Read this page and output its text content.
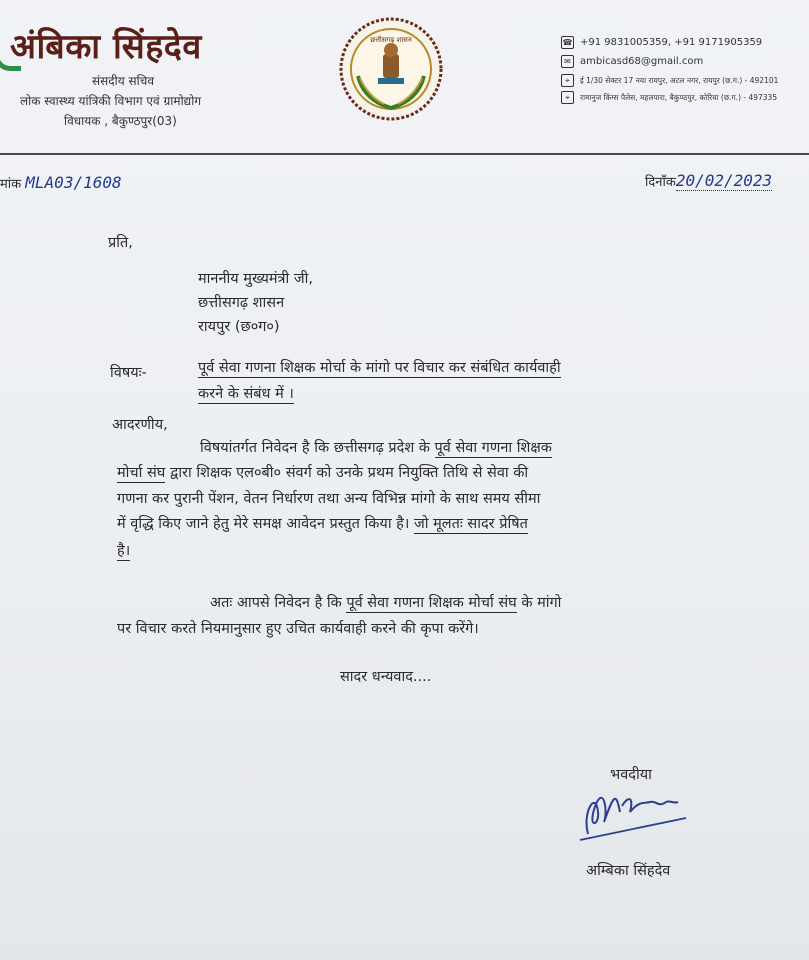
अंबिका सिंहदेव
संसदीय सचिव
लोक स्वास्थ्य यांत्रिकी विभाग एवं ग्रामोद्योग
विधायक , बैकुण्ठपुर(03)
छत्तीसगढ़ शासन	☎ +91 9831005359, +91 9171905359
✉ ambicasd68@gmail.com
⌖	ई 1/30 सेक्टर 17 नया रायपुर, अटल नगर, रायपुर (छ.ग.) - 492101
⌖	रामानुज किंग्स पैलेस, महलपारा, बैकुण्ठपुर, कोरिया (छ.ग.) - 497335
मांक MLA03/1608	दिनाँक20/02/2023
प्रति,
माननीय मुख्यमंत्री जी,
छत्तीसगढ़ शासन
रायपुर (छ०ग०)
विषयः-	पूर्व सेवा गणना शिक्षक मोर्चा के मांगो पर विचार कर संबंधित कार्यवाही
करने के संबंध में ।
आदरणीय,
विषयांतर्गत निवेदन है कि छत्तीसगढ़ प्रदेश के पूर्व सेवा गणना शिक्षक
मोर्चा संघ द्वारा शिक्षक एल०बी० संवर्ग को उनके प्रथम नियुक्ति तिथि से सेवा की
गणना कर पुरानी पेंशन, वेतन निर्धारण तथा अन्य विभिन्न मांगो के साथ समय सीमा
में वृद्धि किए जाने हेतु मेरे समक्ष आवेदन प्रस्तुत किया है। जो मूलतः सादर प्रेषित
है।
अतः आपसे निवेदन है कि पूर्व सेवा गणना शिक्षक मोर्चा संघ के मांगो
पर विचार करते नियमानुसार हुए उचित कार्यवाही करने की कृपा करेंगे।
सादर धन्यवाद....
भवदीया
अम्बिका सिंहदेव
